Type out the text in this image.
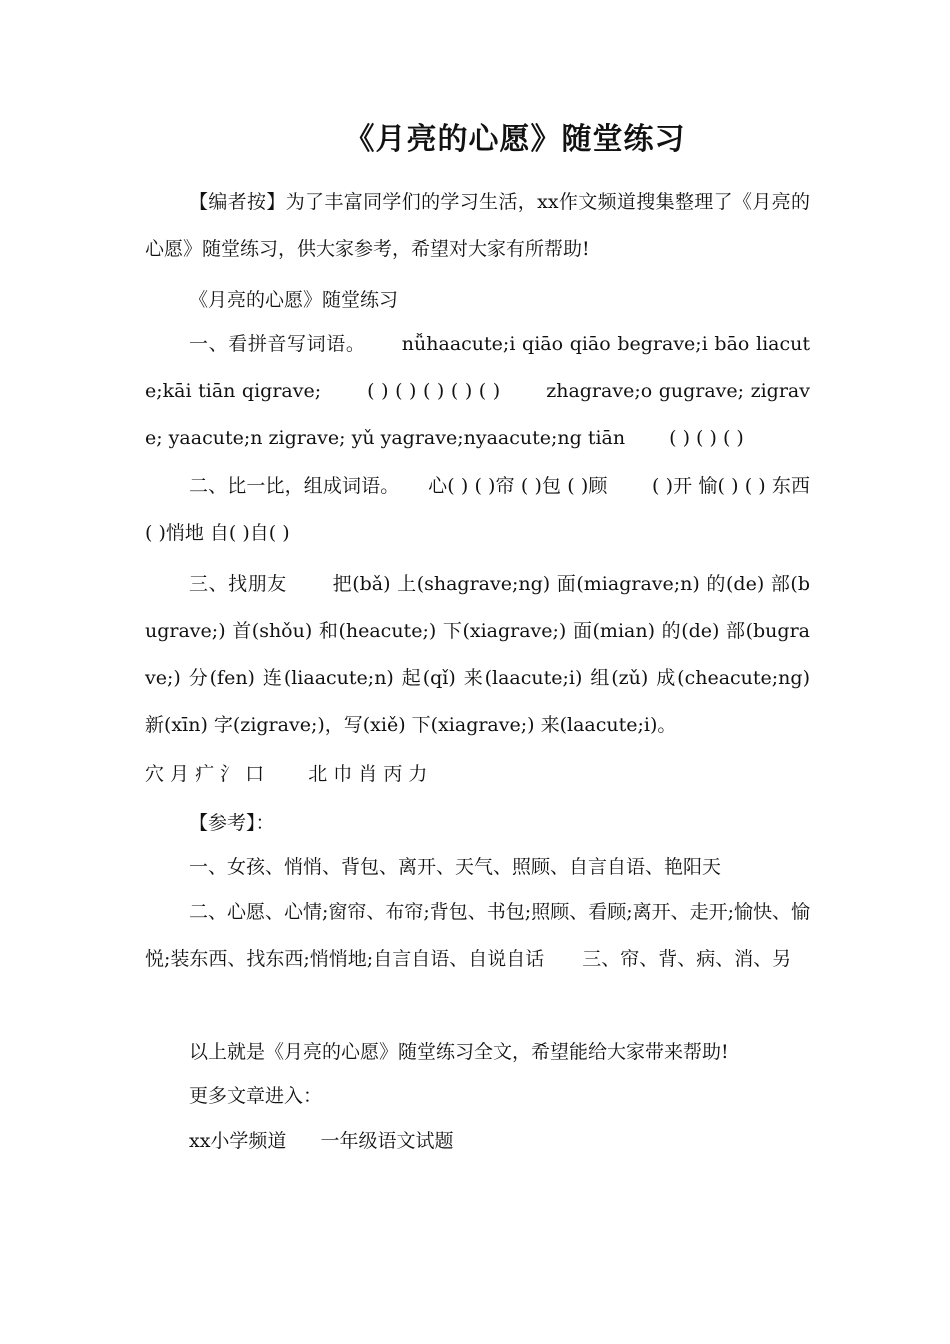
《月亮的心愿》随堂练习
【编者按】为了丰富同学们的学习生活，xx作文频道搜集整理了《月亮的心愿》随堂练习，供大家参考，希望对大家有所帮助!
《月亮的心愿》随堂练习
一、看拼音写词语。　　 nǚhaacute;i qiāo qiāo begrave;i bāo liacute;kāi tiān qigrave;　　 ( ) ( ) ( ) ( ) ( )　　 zhagrave;o gugrave; zigrave; yaacute;n zigrave; yǔ yagrave;nyaacute;ng tiān　　 ( ) ( ) ( )
二、比一比，组成词语。　　心( ) ( )帘 ( )包 ( )顾　　 ( )开 愉( ) ( ) 东西 ( )悄地 自( )自( )
三、找朋友　　 把(bǎ) 上(shagrave;ng) 面(miagrave;n) 的(de) 部(bugrave;) 首(shǒu) 和(heacute;) 下(xiagrave;) 面(mian) 的(de) 部(bugrave;) 分(fen) 连(liaacute;n) 起(qǐ) 来(laacute;i) 组(zǔ) 成(cheacute;ng) 新(xīn) 字(zigrave;)，写(xiě) 下(xiagrave;) 来(laacute;i)。
穴 月 疒 氵 口　　 北 巾 肖 丙 力
【参考】：
一、女孩、悄悄、背包、离开、天气、照顾、自言自语、艳阳天
二、心愿、心情;窗帘、布帘;背包、书包;照顾、看顾;离开、走开;愉快、愉悦;装东西、找东西;悄悄地;自言自语、自说自话　　三、帘、背、病、消、另
以上就是《月亮的心愿》随堂练习全文，希望能给大家带来帮助!
更多文章进入：
xx小学频道 一年级语文试题
